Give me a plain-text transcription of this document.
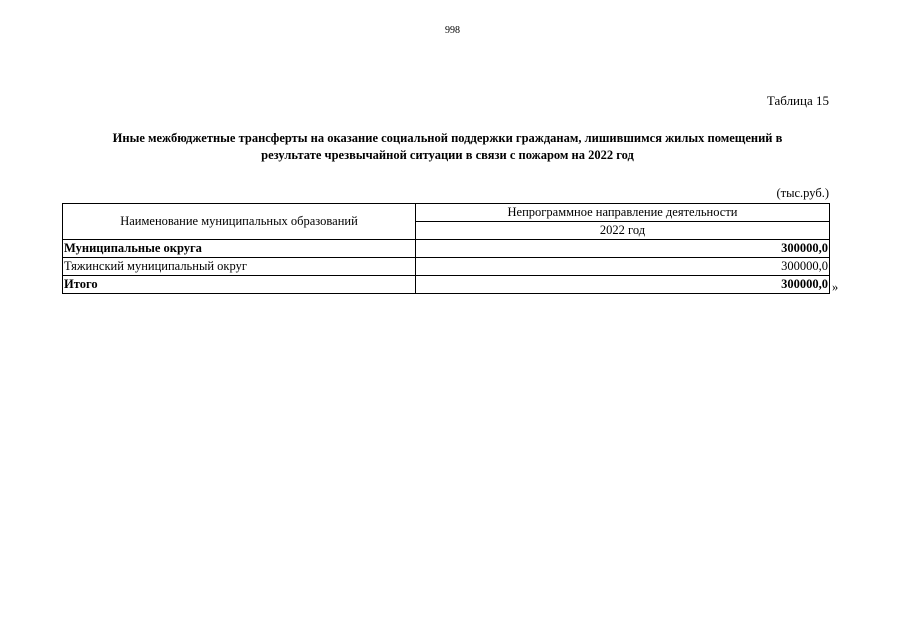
998
Таблица 15
Иные межбюджетные трансферты на оказание социальной поддержки гражданам, лишившимся жилых помещений в
результате чрезвычайной ситуации в связи с пожаром на 2022 год
(тыс.руб.)
Наименование муниципальных образований	Непрограммное направление деятельности
	2022 год
Муниципальные округа	300000,0
Тяжинский муниципальный округ	300000,0
Итого	300000,0 »
